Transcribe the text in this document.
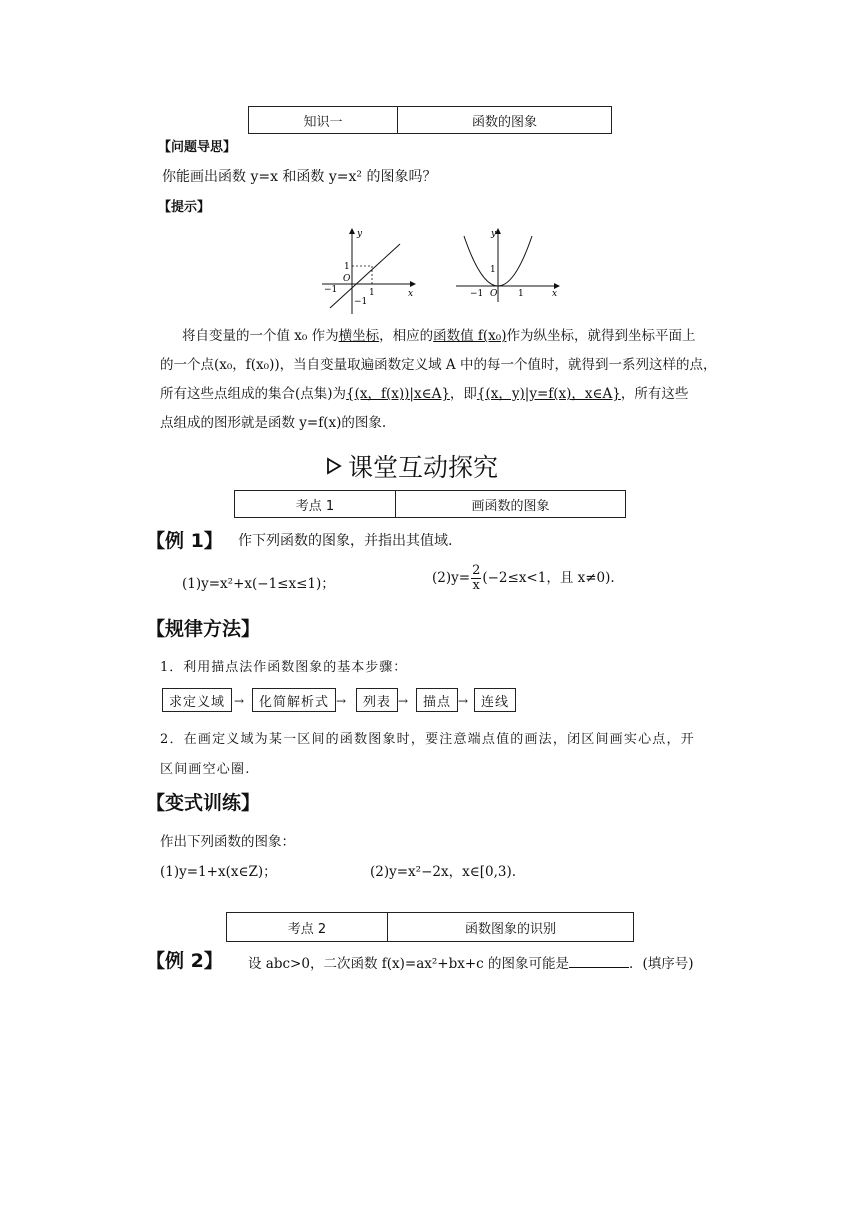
知识一	函数的图象
【问题导思】
你能画出函数 y=x 和函数 y=x² 的图象吗？
【提示】
y
x
O
1
1
−1
−1
y
x
O
1
1
−1
将自变量的一个值 x₀ 作为横坐标，相应的函数值 f(x₀)作为纵坐标，就得到坐标平面上
的一个点(x₀，f(x₀))，当自变量取遍函数定义域 A 中的每一个值时，就得到一系列这样的点，
所有这些点组成的集合(点集)为{(x，f(x))|x∈A}，即{(x，y)|y=f(x)，x∈A}，所有这些
点组成的图形就是函数 y=f(x)的图象.
课堂互动探究
考点 1	画函数的图象
【例 1】 作下列函数的图象，并指出其值域.
(1)y=x²+x(−1≤x≤1)；	$(2)y= \frac{2}{x} (-2\le x<1$，且 x≠0).
【规律方法】
1．利用描点法作函数图象的基本步骤：
求定义域 →	化简解析式 →	列表 →	描点 → 连线
2．在画定义域为某一区间的函数图象时，要注意端点值的画法，闭区间画实心点，开
区间画空心圈.
【变式训练】
作出下列函数的图象：
(1)y=1+x(x∈Z)；	(2)y=x²−2x，x∈[0,3).
考点 2	函数图象的识别
【例 2】 设 abc>0，二次函数 f(x)=ax²+bx+c 的图象可能是	．(填序号)
